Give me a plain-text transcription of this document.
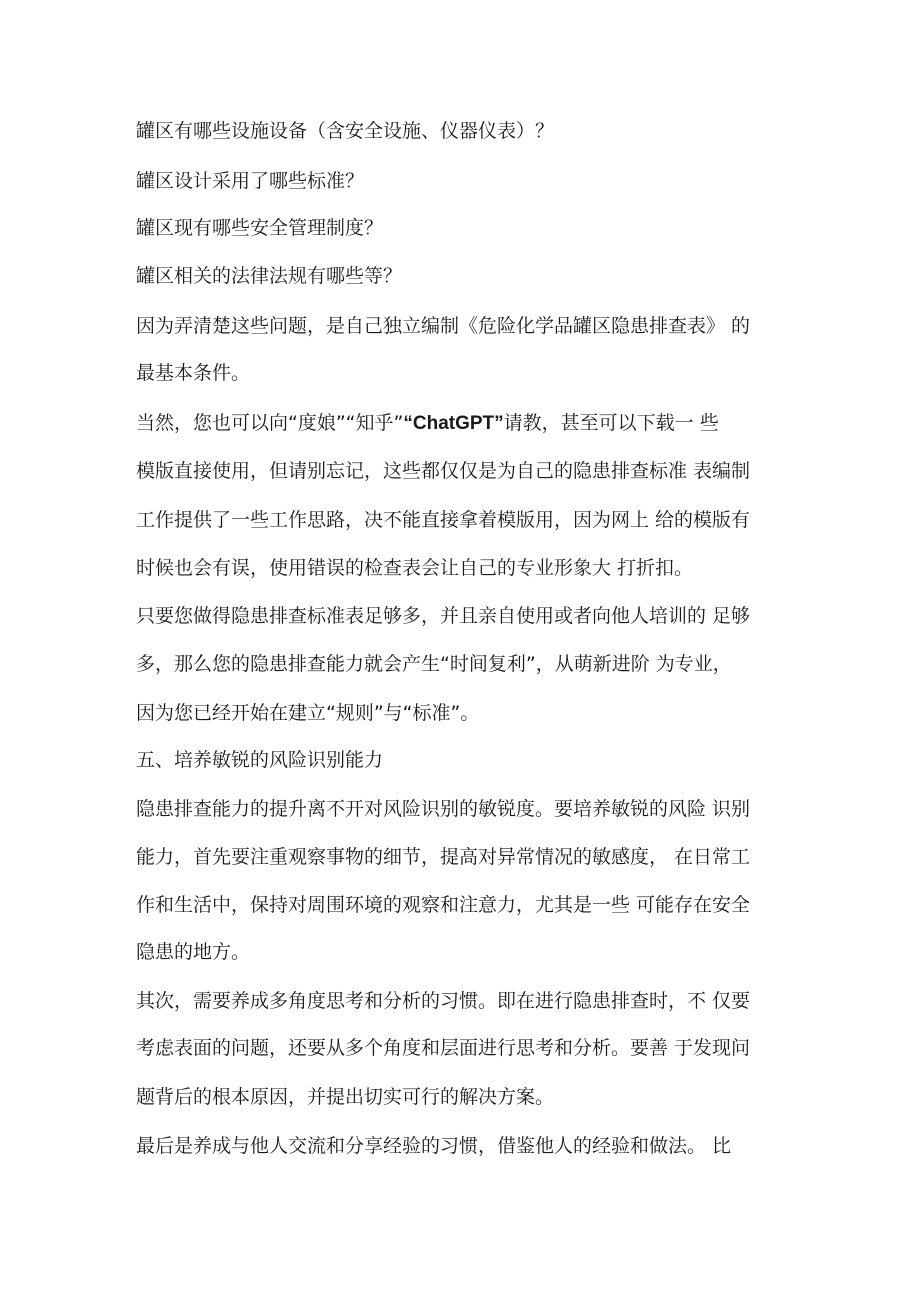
罐区有哪些设施设备（含安全设施、仪器仪表）？
罐区设计采用了哪些标准？
罐区现有哪些安全管理制度？
罐区相关的法律法规有哪些等？
因为弄清楚这些问题，是自己独立编制《危险化学品罐区隐患排查表》 的
最基本条件。
当然，您也可以向“度娘”“知乎”“ChatGPT”请教，甚至可以下载一 些
模版直接使用，但请别忘记，这些都仅仅是为自己的隐患排查标准 表编制
工作提供了一些工作思路，决不能直接拿着模版用，因为网上 给的模版有
时候也会有误，使用错误的检查表会让自己的专业形象大 打折扣。
只要您做得隐患排查标准表足够多，并且亲自使用或者向他人培训的 足够
多，那么您的隐患排查能力就会产生“时间复利”，从萌新进阶 为专业，
因为您已经开始在建立“规则”与“标准”。
五、培养敏锐的风险识别能力
隐患排查能力的提升离不开对风险识别的敏锐度。要培养敏锐的风险 识别
能力，首先要注重观察事物的细节，提高对异常情况的敏感度， 在日常工
作和生活中，保持对周围环境的观察和注意力，尤其是一些 可能存在安全
隐患的地方。
其次，需要养成多角度思考和分析的习惯。即在进行隐患排查时，不 仅要
考虑表面的问题，还要从多个角度和层面进行思考和分析。要善 于发现问
题背后的根本原因，并提出切实可行的解决方案。
最后是养成与他人交流和分享经验的习惯，借鉴他人的经验和做法。 比
